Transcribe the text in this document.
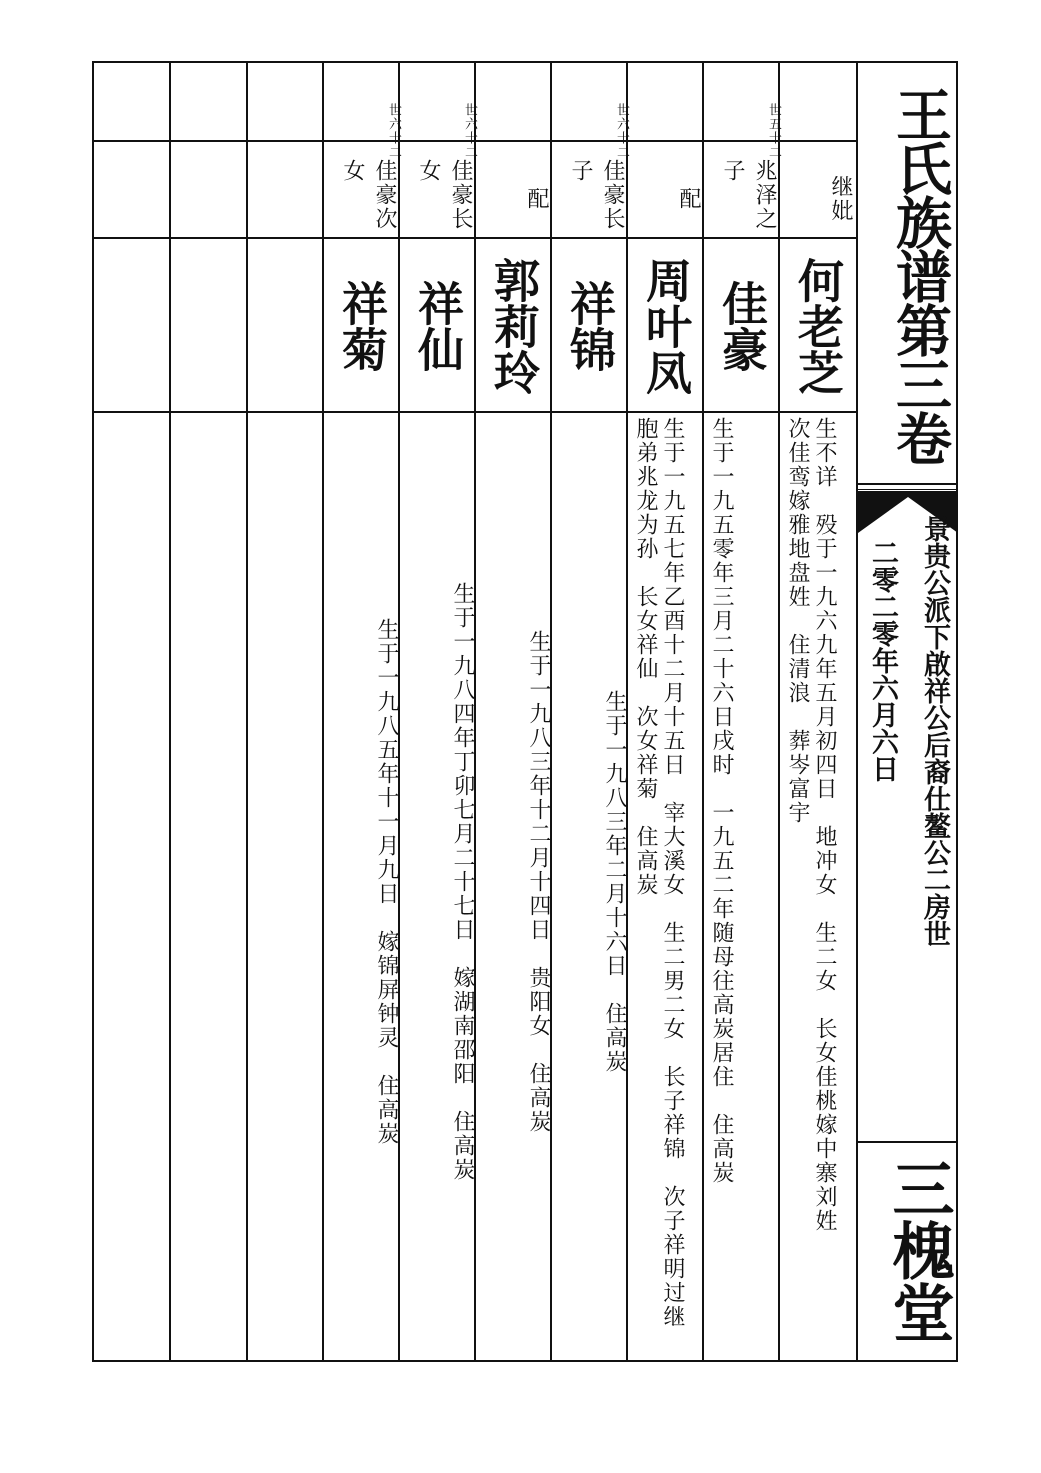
继妣
何老芝
生不详　殁于一九六九年五月初四日　地冲女　生二女　长女佳桃嫁中寨刘姓　次佳鸾嫁雅地盘姓　住清浪　葬岑富宇
世五十二
兆泽之子
佳豪
生于一九五零年三月二十六日戌时　一九五二年随母往高炭居住　住高炭
配
周叶凤
生于一九五七年乙酉十二月十五日　宰大溪女　生二男二女　长子祥锦　次子祥明过继胞弟兆龙为孙　长女祥仙　次女祥菊　住高炭
世六十二
佳豪长子
祥锦
生于一九八三年二月十六日　住高炭
配
郭莉玲
生于一九八三年十二月十四日　贵阳女　住高炭
世六十二
佳豪长女
祥仙
生于一九八四年丁卯七月二十七日　嫁湖南邵阳　住高炭
世六十二
佳豪次女
祥菊
生于一九八五年十一月九日　嫁锦屏钟灵　住高炭
王氏族谱第三卷
景贵公派下啟祥公后裔仕鳌公二房世
二零二零年六月六日
三槐堂
